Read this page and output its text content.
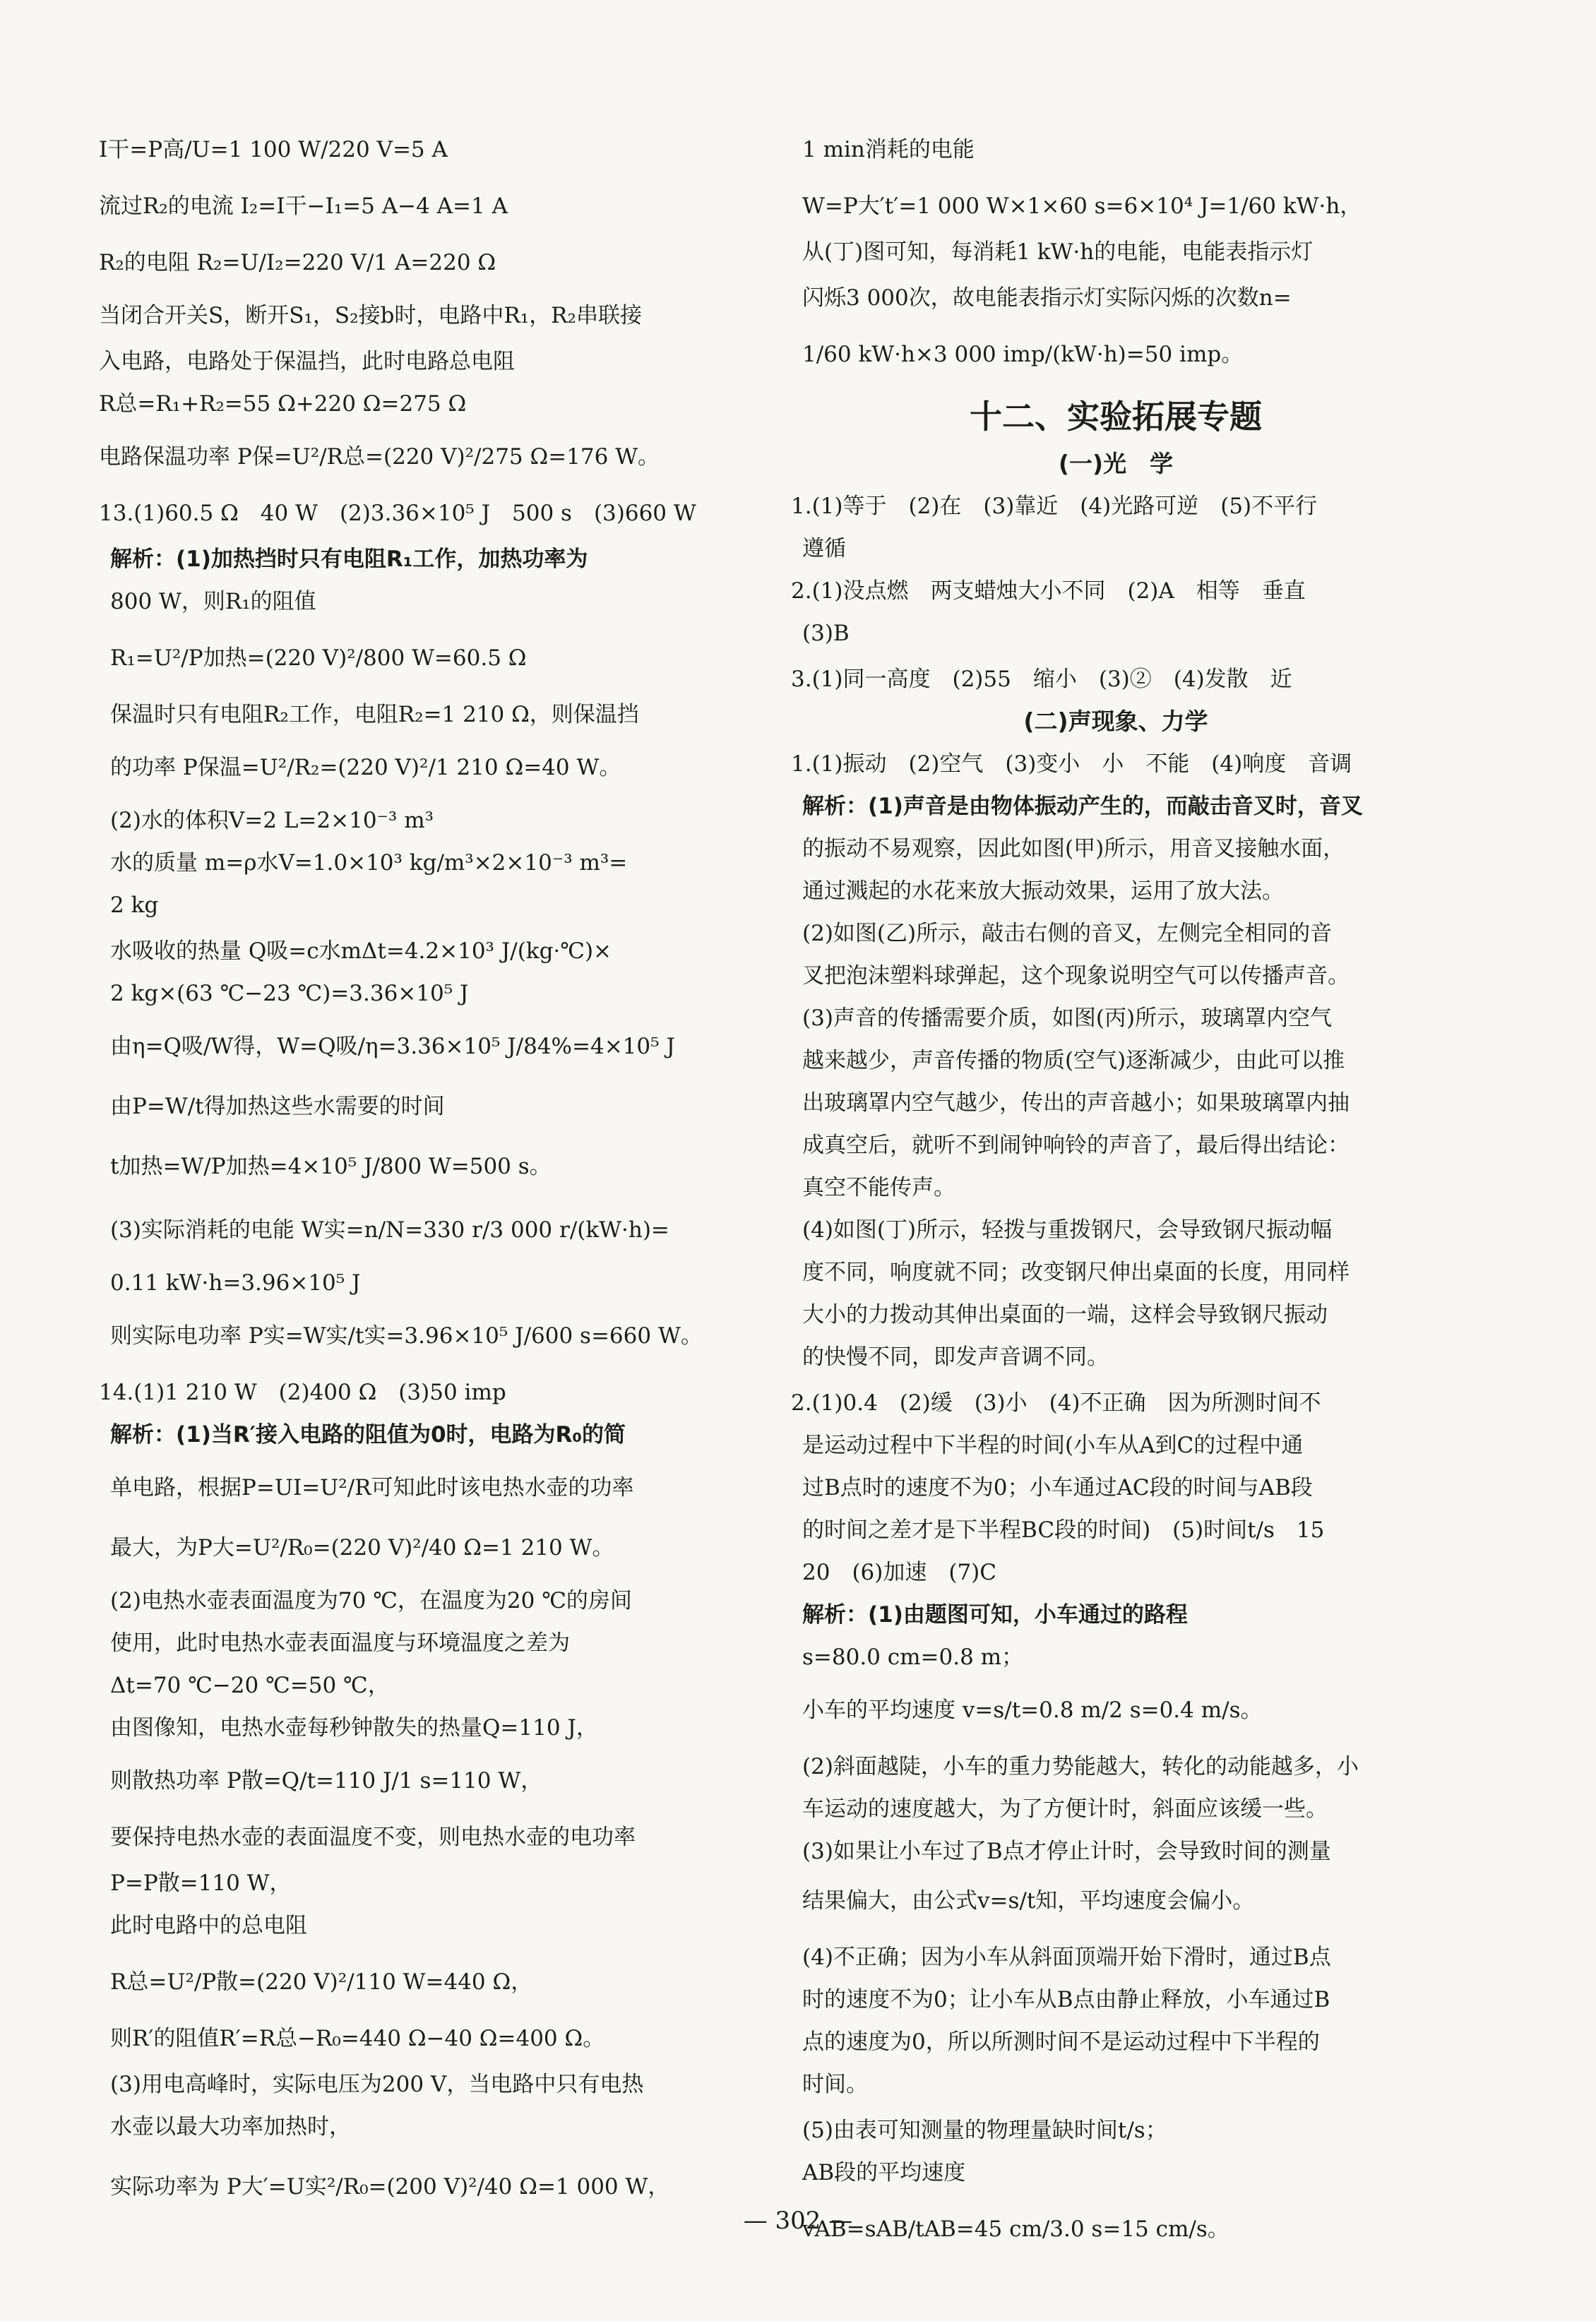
I干=P高/U=1 100 W/220 V=5 A
流过R₂的电流 I₂=I干−I₁=5 A−4 A=1 A
R₂的电阻 R₂=U/I₂=220 V/1 A=220 Ω
当闭合开关S，断开S₁，S₂接b时，电路中R₁，R₂串联接
入电路，电路处于保温挡，此时电路总电阻
R总=R₁+R₂=55 Ω+220 Ω=275 Ω
电路保温功率 P保=U²/R总=(220 V)²/275 Ω=176 W。
13.(1)60.5 Ω　40 W　(2)3.36×10⁵ J　500 s　(3)660 W
解析：(1)加热挡时只有电阻R₁工作，加热功率为
800 W，则R₁的阻值
R₁=U²/P加热=(220 V)²/800 W=60.5 Ω
保温时只有电阻R₂工作，电阻R₂=1 210 Ω，则保温挡
的功率 P保温=U²/R₂=(220 V)²/1 210 Ω=40 W。
(2)水的体积V=2 L=2×10⁻³ m³
水的质量 m=ρ水V=1.0×10³ kg/m³×2×10⁻³ m³=
2 kg
水吸收的热量 Q吸=c水mΔt=4.2×10³ J/(kg·℃)×
2 kg×(63 ℃−23 ℃)=3.36×10⁵ J
由η=Q吸/W得，W=Q吸/η=3.36×10⁵ J/84%=4×10⁵ J
由P=W/t得加热这些水需要的时间
t加热=W/P加热=4×10⁵ J/800 W=500 s。
(3)实际消耗的电能 W实=n/N=330 r/3 000 r/(kW·h)=
0.11 kW·h=3.96×10⁵ J
则实际电功率 P实=W实/t实=3.96×10⁵ J/600 s=660 W。
14.(1)1 210 W　(2)400 Ω　(3)50 imp
解析：(1)当R′接入电路的阻值为0时，电路为R₀的简
单电路，根据P=UI=U²/R可知此时该电热水壶的功率
最大，为P大=U²/R₀=(220 V)²/40 Ω=1 210 W。
(2)电热水壶表面温度为70 ℃，在温度为20 ℃的房间
使用，此时电热水壶表面温度与环境温度之差为
Δt=70 ℃−20 ℃=50 ℃，
由图像知，电热水壶每秒钟散失的热量Q=110 J，
则散热功率 P散=Q/t=110 J/1 s=110 W，
要保持电热水壶的表面温度不变，则电热水壶的电功率
P=P散=110 W，
此时电路中的总电阻
R总=U²/P散=(220 V)²/110 W=440 Ω，
则R′的阻值R′=R总−R₀=440 Ω−40 Ω=400 Ω。
(3)用电高峰时，实际电压为200 V，当电路中只有电热
水壶以最大功率加热时，
实际功率为 P大′=U实²/R₀=(200 V)²/40 Ω=1 000 W，
1 min消耗的电能
W=P大′t′=1 000 W×1×60 s=6×10⁴ J=1/60 kW·h，
从(丁)图可知，每消耗1 kW·h的电能，电能表指示灯
闪烁3 000次，故电能表指示灯实际闪烁的次数n=
1/60 kW·h×3 000 imp/(kW·h)=50 imp。
十二、实验拓展专题
(一)光　学
1.(1)等于　(2)在　(3)靠近　(4)光路可逆　(5)不平行
遵循
2.(1)没点燃　两支蜡烛大小不同　(2)A　相等　垂直
(3)B
3.(1)同一高度　(2)55　缩小　(3)②　(4)发散　近
(二)声现象、力学
1.(1)振动　(2)空气　(3)变小　小　不能　(4)响度　音调
解析：(1)声音是由物体振动产生的，而敲击音叉时，音叉
的振动不易观察，因此如图(甲)所示，用音叉接触水面，
通过溅起的水花来放大振动效果，运用了放大法。
(2)如图(乙)所示，敲击右侧的音叉，左侧完全相同的音
叉把泡沫塑料球弹起，这个现象说明空气可以传播声音。
(3)声音的传播需要介质，如图(丙)所示，玻璃罩内空气
越来越少，声音传播的物质(空气)逐渐减少，由此可以推
出玻璃罩内空气越少，传出的声音越小；如果玻璃罩内抽
成真空后，就听不到闹钟响铃的声音了，最后得出结论：
真空不能传声。
(4)如图(丁)所示，轻拨与重拨钢尺，会导致钢尺振动幅
度不同，响度就不同；改变钢尺伸出桌面的长度，用同样
大小的力拨动其伸出桌面的一端，这样会导致钢尺振动
的快慢不同，即发声音调不同。
2.(1)0.4　(2)缓　(3)小　(4)不正确　因为所测时间不
是运动过程中下半程的时间(小车从A到C的过程中通
过B点时的速度不为0；小车通过AC段的时间与AB段
的时间之差才是下半程BC段的时间)　(5)时间t/s　15
20　(6)加速　(7)C
解析：(1)由题图可知，小车通过的路程
s=80.0 cm=0.8 m；
小车的平均速度 v=s/t=0.8 m/2 s=0.4 m/s。
(2)斜面越陡，小车的重力势能越大，转化的动能越多，小
车运动的速度越大，为了方便计时，斜面应该缓一些。
(3)如果让小车过了B点才停止计时，会导致时间的测量
结果偏大，由公式v=s/t知，平均速度会偏小。
(4)不正确；因为小车从斜面顶端开始下滑时，通过B点
时的速度不为0；让小车从B点由静止释放，小车通过B
点的速度为0，所以所测时间不是运动过程中下半程的
时间。
(5)由表可知测量的物理量缺时间t/s；
AB段的平均速度
vAB=sAB/tAB=45 cm/3.0 s=15 cm/s。
— 302 —
